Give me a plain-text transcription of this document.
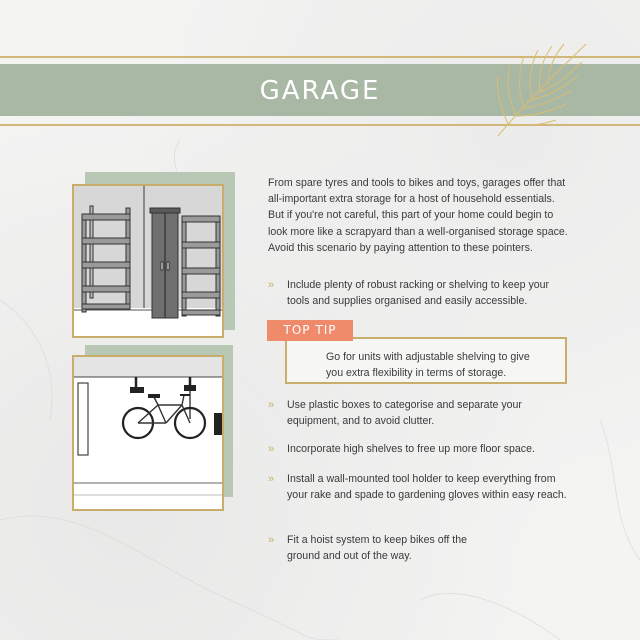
GARAGE

From spare tyres and tools to bikes and toys, garages offer that all-important extra storage for a host of household essentials. But if you're not careful, this part of your home could begin to look more like a scrapyard than a well-organised storage space. Avoid this scenario by paying attention to these pointers.

» Include plenty of robust racking or shelving to keep your tools and supplies organised and easily accessible.
TOP TIP
Go for units with adjustable shelving to give you extra flexibility in terms of storage.
» Use plastic boxes to categorise and separate your equipment, and to avoid clutter.
» Incorporate high shelves to free up more floor space.
» Install a wall-mounted tool holder to keep everything from your rake and spade to gardening gloves within easy reach.
» Fit a hoist system to keep bikes off the ground and out of the way.
